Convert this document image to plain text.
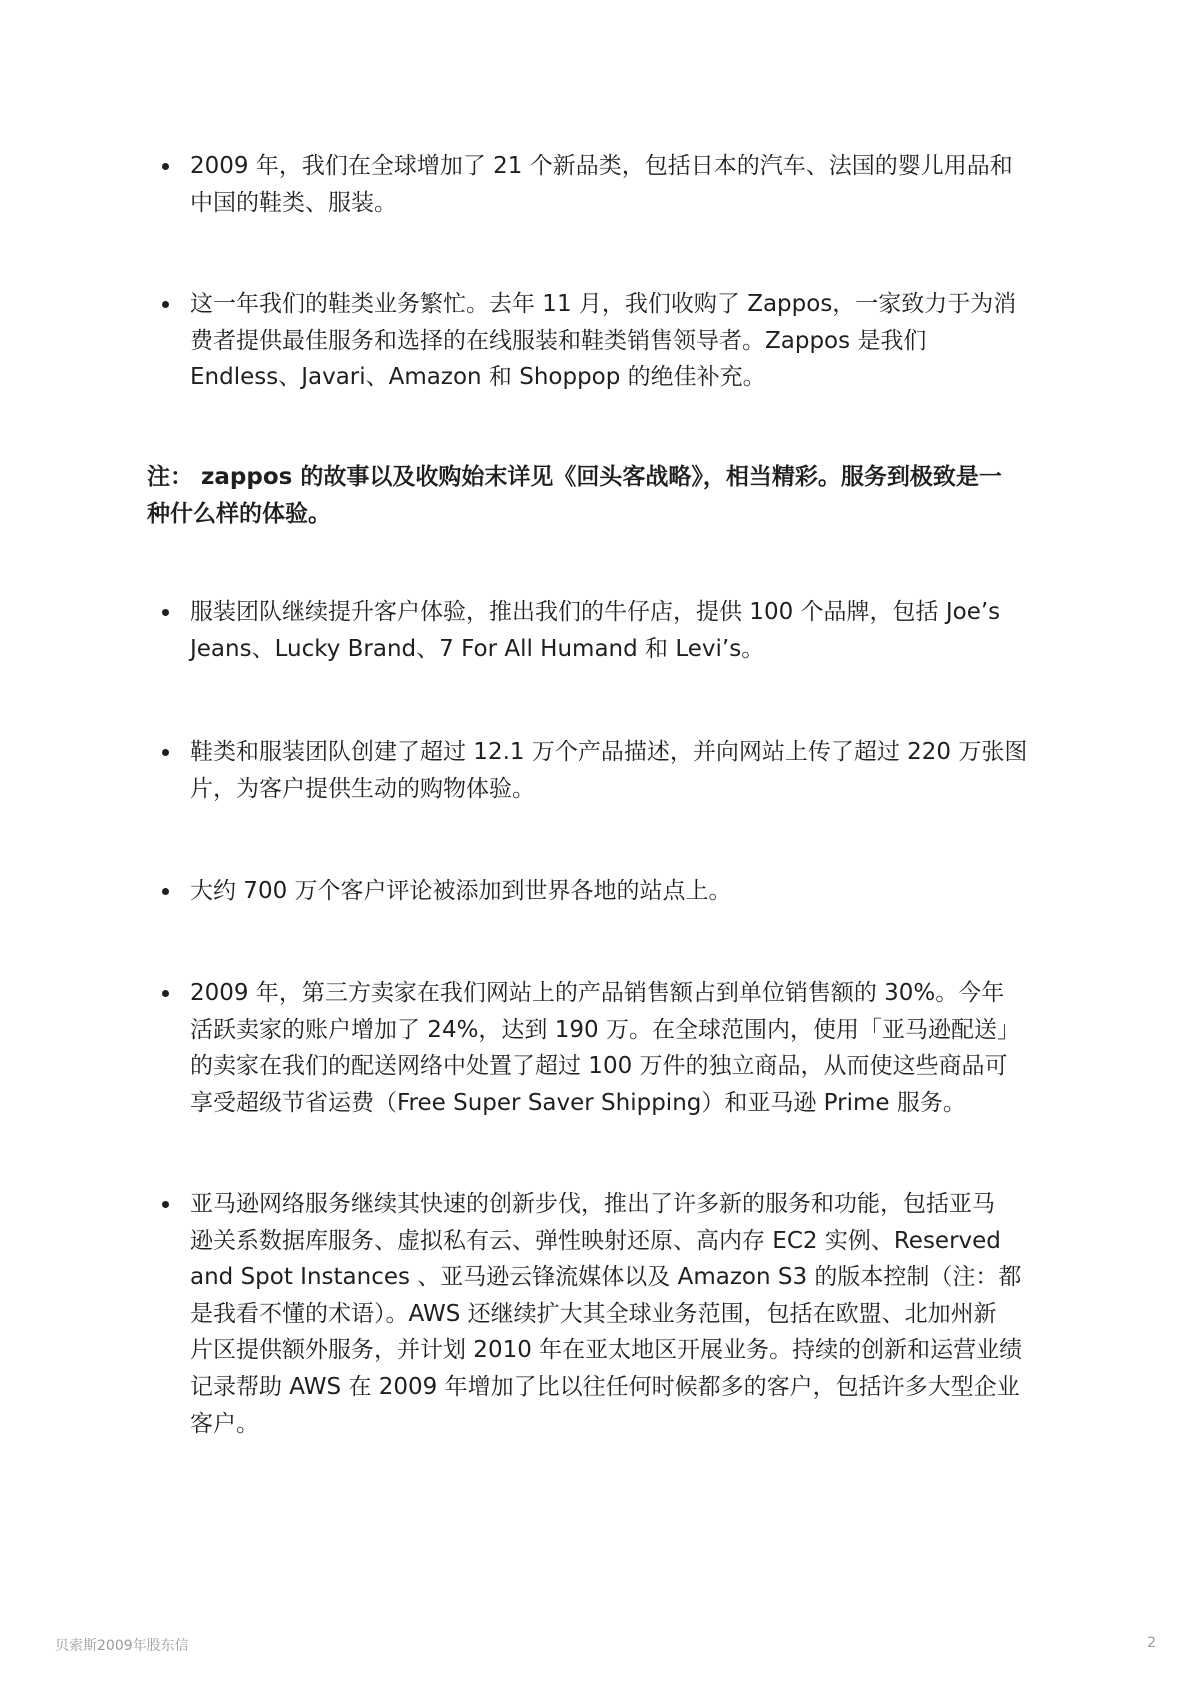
2009 年，我们在全球增加了 21 个新品类，包括日本的汽车、法国的婴儿用品和
中国的鞋类、服装。
这一年我们的鞋类业务繁忙。去年 11 月，我们收购了 Zappos，一家致力于为消
费者提供最佳服务和选择的在线服装和鞋类销售领导者。Zappos 是我们
Endless、Javari、Amazon 和 Shoppop 的绝佳补充。
注： zappos 的故事以及收购始末详见《回头客战略》，相当精彩。服务到极致是一
种什么样的体验。
服装团队继续提升客户体验，推出我们的牛仔店，提供 100 个品牌，包括 Joe’s
Jeans、Lucky Brand、7 For All Humand 和 Levi’s。
鞋类和服装团队创建了超过 12.1 万个产品描述，并向网站上传了超过 220 万张图
片，为客户提供生动的购物体验。
大约 700 万个客户评论被添加到世界各地的站点上。
2009 年，第三方卖家在我们网站上的产品销售额占到单位销售额的 30%。今年
活跃卖家的账户增加了 24%，达到 190 万。在全球范围内，使用「亚马逊配送」
的卖家在我们的配送网络中处置了超过 100 万件的独立商品，从而使这些商品可
享受超级节省运费（Free Super Saver Shipping）和亚马逊 Prime 服务。
亚马逊网络服务继续其快速的创新步伐，推出了许多新的服务和功能，包括亚马
逊关系数据库服务、虚拟私有云、弹性映射还原、高内存 EC2 实例、Reserved
and Spot Instances 、亚马逊云锋流媒体以及 Amazon S3 的版本控制（注：都
是我看不懂的术语）。AWS 还继续扩大其全球业务范围，包括在欧盟、北加州新
片区提供额外服务，并计划 2010 年在亚太地区开展业务。持续的创新和运营业绩
记录帮助 AWS 在 2009 年增加了比以往任何时候都多的客户，包括许多大型企业
客户。
贝索斯2009年股东信	2
